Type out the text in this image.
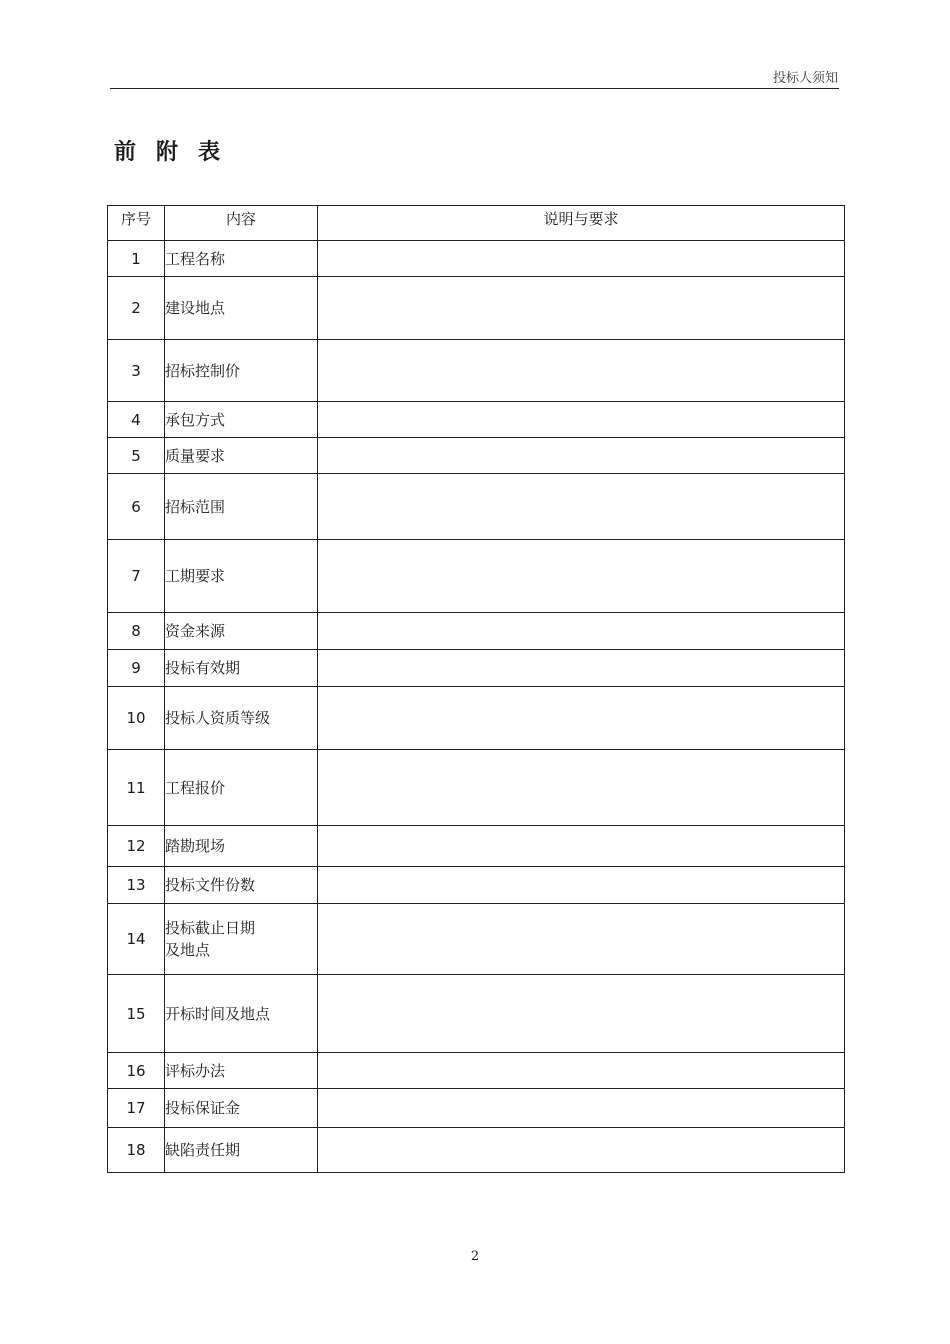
投标人须知
前附表
序号	内容	说明与要求
1	工程名称	
2	建设地点	
3	招标控制价	
4	承包方式	
5	质量要求	
6	招标范围	
7	工期要求	
8	资金来源	
9	投标有效期	
10	投标人资质等级	
11	工程报价	
12	踏勘现场	
13	投标文件份数	
14	投标截止日期
及地点	
15	开标时间及地点	
16	评标办法	
17	投标保证金	
18	缺陷责任期	
2
